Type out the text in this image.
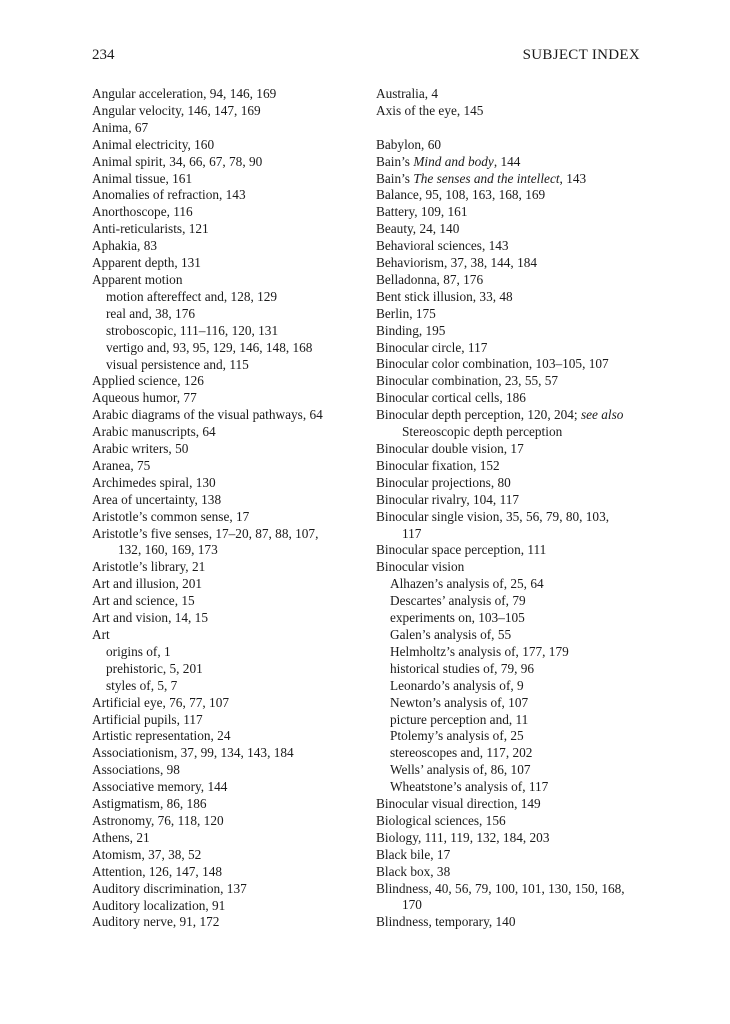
234	SUBJECT INDEX
Angular acceleration, 94, 146, 169
Angular velocity, 146, 147, 169
Anima, 67
Animal electricity, 160
Animal spirit, 34, 66, 67, 78, 90
Animal tissue, 161
Anomalies of refraction, 143
Anorthoscope, 116
Anti-reticularists, 121
Aphakia, 83
Apparent depth, 131
Apparent motion
motion aftereffect and, 128, 129
real and, 38, 176
stroboscopic, 111–116, 120, 131
vertigo and, 93, 95, 129, 146, 148, 168
visual persistence and, 115
Applied science, 126
Aqueous humor, 77
Arabic diagrams of the visual pathways, 64
Arabic manuscripts, 64
Arabic writers, 50
Aranea, 75
Archimedes spiral, 130
Area of uncertainty, 138
Aristotle’s common sense, 17
Aristotle’s five senses, 17–20, 87, 88, 107,
132, 160, 169, 173
Aristotle’s library, 21
Art and illusion, 201
Art and science, 15
Art and vision, 14, 15
Art
origins of, 1
prehistoric, 5, 201
styles of, 5, 7
Artificial eye, 76, 77, 107
Artificial pupils, 117
Artistic representation, 24
Associationism, 37, 99, 134, 143, 184
Associations, 98
Associative memory, 144
Astigmatism, 86, 186
Astronomy, 76, 118, 120
Athens, 21
Atomism, 37, 38, 52
Attention, 126, 147, 148
Auditory discrimination, 137
Auditory localization, 91
Auditory nerve, 91, 172
Australia, 4
Axis of the eye, 145
Babylon, 60
Bain’s Mind and body, 144
Bain’s The senses and the intellect, 143
Balance, 95, 108, 163, 168, 169
Battery, 109, 161
Beauty, 24, 140
Behavioral sciences, 143
Behaviorism, 37, 38, 144, 184
Belladonna, 87, 176
Bent stick illusion, 33, 48
Berlin, 175
Binding, 195
Binocular circle, 117
Binocular color combination, 103–105, 107
Binocular combination, 23, 55, 57
Binocular cortical cells, 186
Binocular depth perception, 120, 204; see also
Stereoscopic depth perception
Binocular double vision, 17
Binocular fixation, 152
Binocular projections, 80
Binocular rivalry, 104, 117
Binocular single vision, 35, 56, 79, 80, 103,
117
Binocular space perception, 111
Binocular vision
Alhazen’s analysis of, 25, 64
Descartes’ analysis of, 79
experiments on, 103–105
Galen’s analysis of, 55
Helmholtz’s analysis of, 177, 179
historical studies of, 79, 96
Leonardo’s analysis of, 9
Newton’s analysis of, 107
picture perception and, 11
Ptolemy’s analysis of, 25
stereoscopes and, 117, 202
Wells’ analysis of, 86, 107
Wheatstone’s analysis of, 117
Binocular visual direction, 149
Biological sciences, 156
Biology, 111, 119, 132, 184, 203
Black bile, 17
Black box, 38
Blindness, 40, 56, 79, 100, 101, 130, 150, 168,
170
Blindness, temporary, 140
